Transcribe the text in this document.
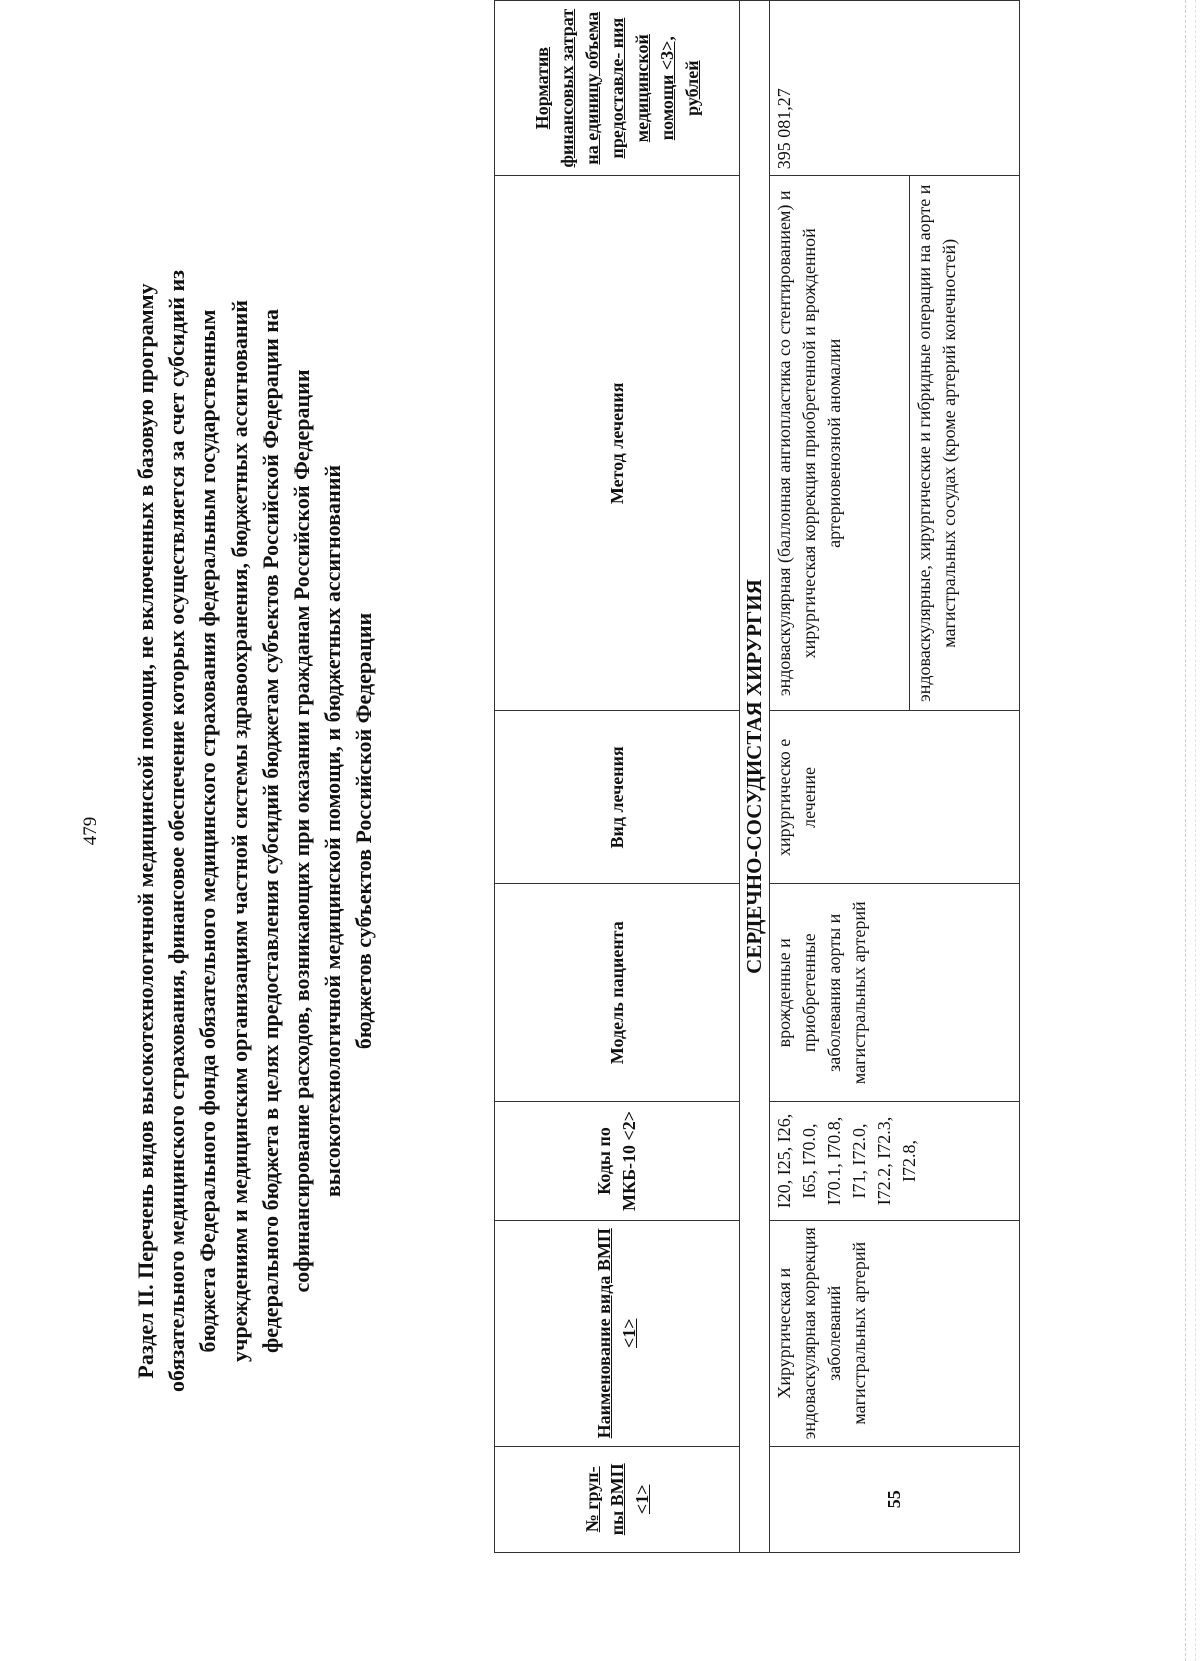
479 Раздел II. Перечень видов высокотехнологичной медицинской помощи, не включенных в базовую программу обязательного медицинского страхования, финансовое обеспечение которых осуществляется за счет субсидий из бюджета Федерального фонда обязательного медицинского страхования федеральным государственным учреждениям и медицинским организациям частной системы здравоохранения, бюджетных ассигнований федерального бюджета в целях предоставления субсидий бюджетам субъектов Российской Федерации на софинансирование расходов, возникающих при оказании гражданам Российской Федерации высокотехнологичной медицинской помощи, и бюджетных ассигнований бюджетов субъектов Российской Федерации
№ груп- пы ВМП <1>	Наименование вида ВМП <1>	Коды по МКБ-10 <2>	Модель пациента	Вид лечения	Метод лечения	Норматив финансовых затрат на единицу объема предоставле- ния медицинской помощи <3>, рублей
СЕРДЕЧНО-СОСУДИСТАЯ ХИРУРГИЯ						
55	Хирургическая и эндоваскулярная коррекция заболеваний магистральных артерий	I20, I25, I26, I65, I70.0, I70.1, I70.8, I71, I72.0, I72.2, I72.3, I72.8,	врожденные и приобретенные заболевания аорты и магистральных артерий	хирургическо е лечение	эндоваскулярная (баллонная ангиопластика со стентированием) и хирургическая коррекция приобретенной и врожденной артериовенозной аномалии	395 081,27
					эндоваскулярные, хирургические и гибридные операции на аорте и магистральных сосудах (кроме артерий конечностей)	
